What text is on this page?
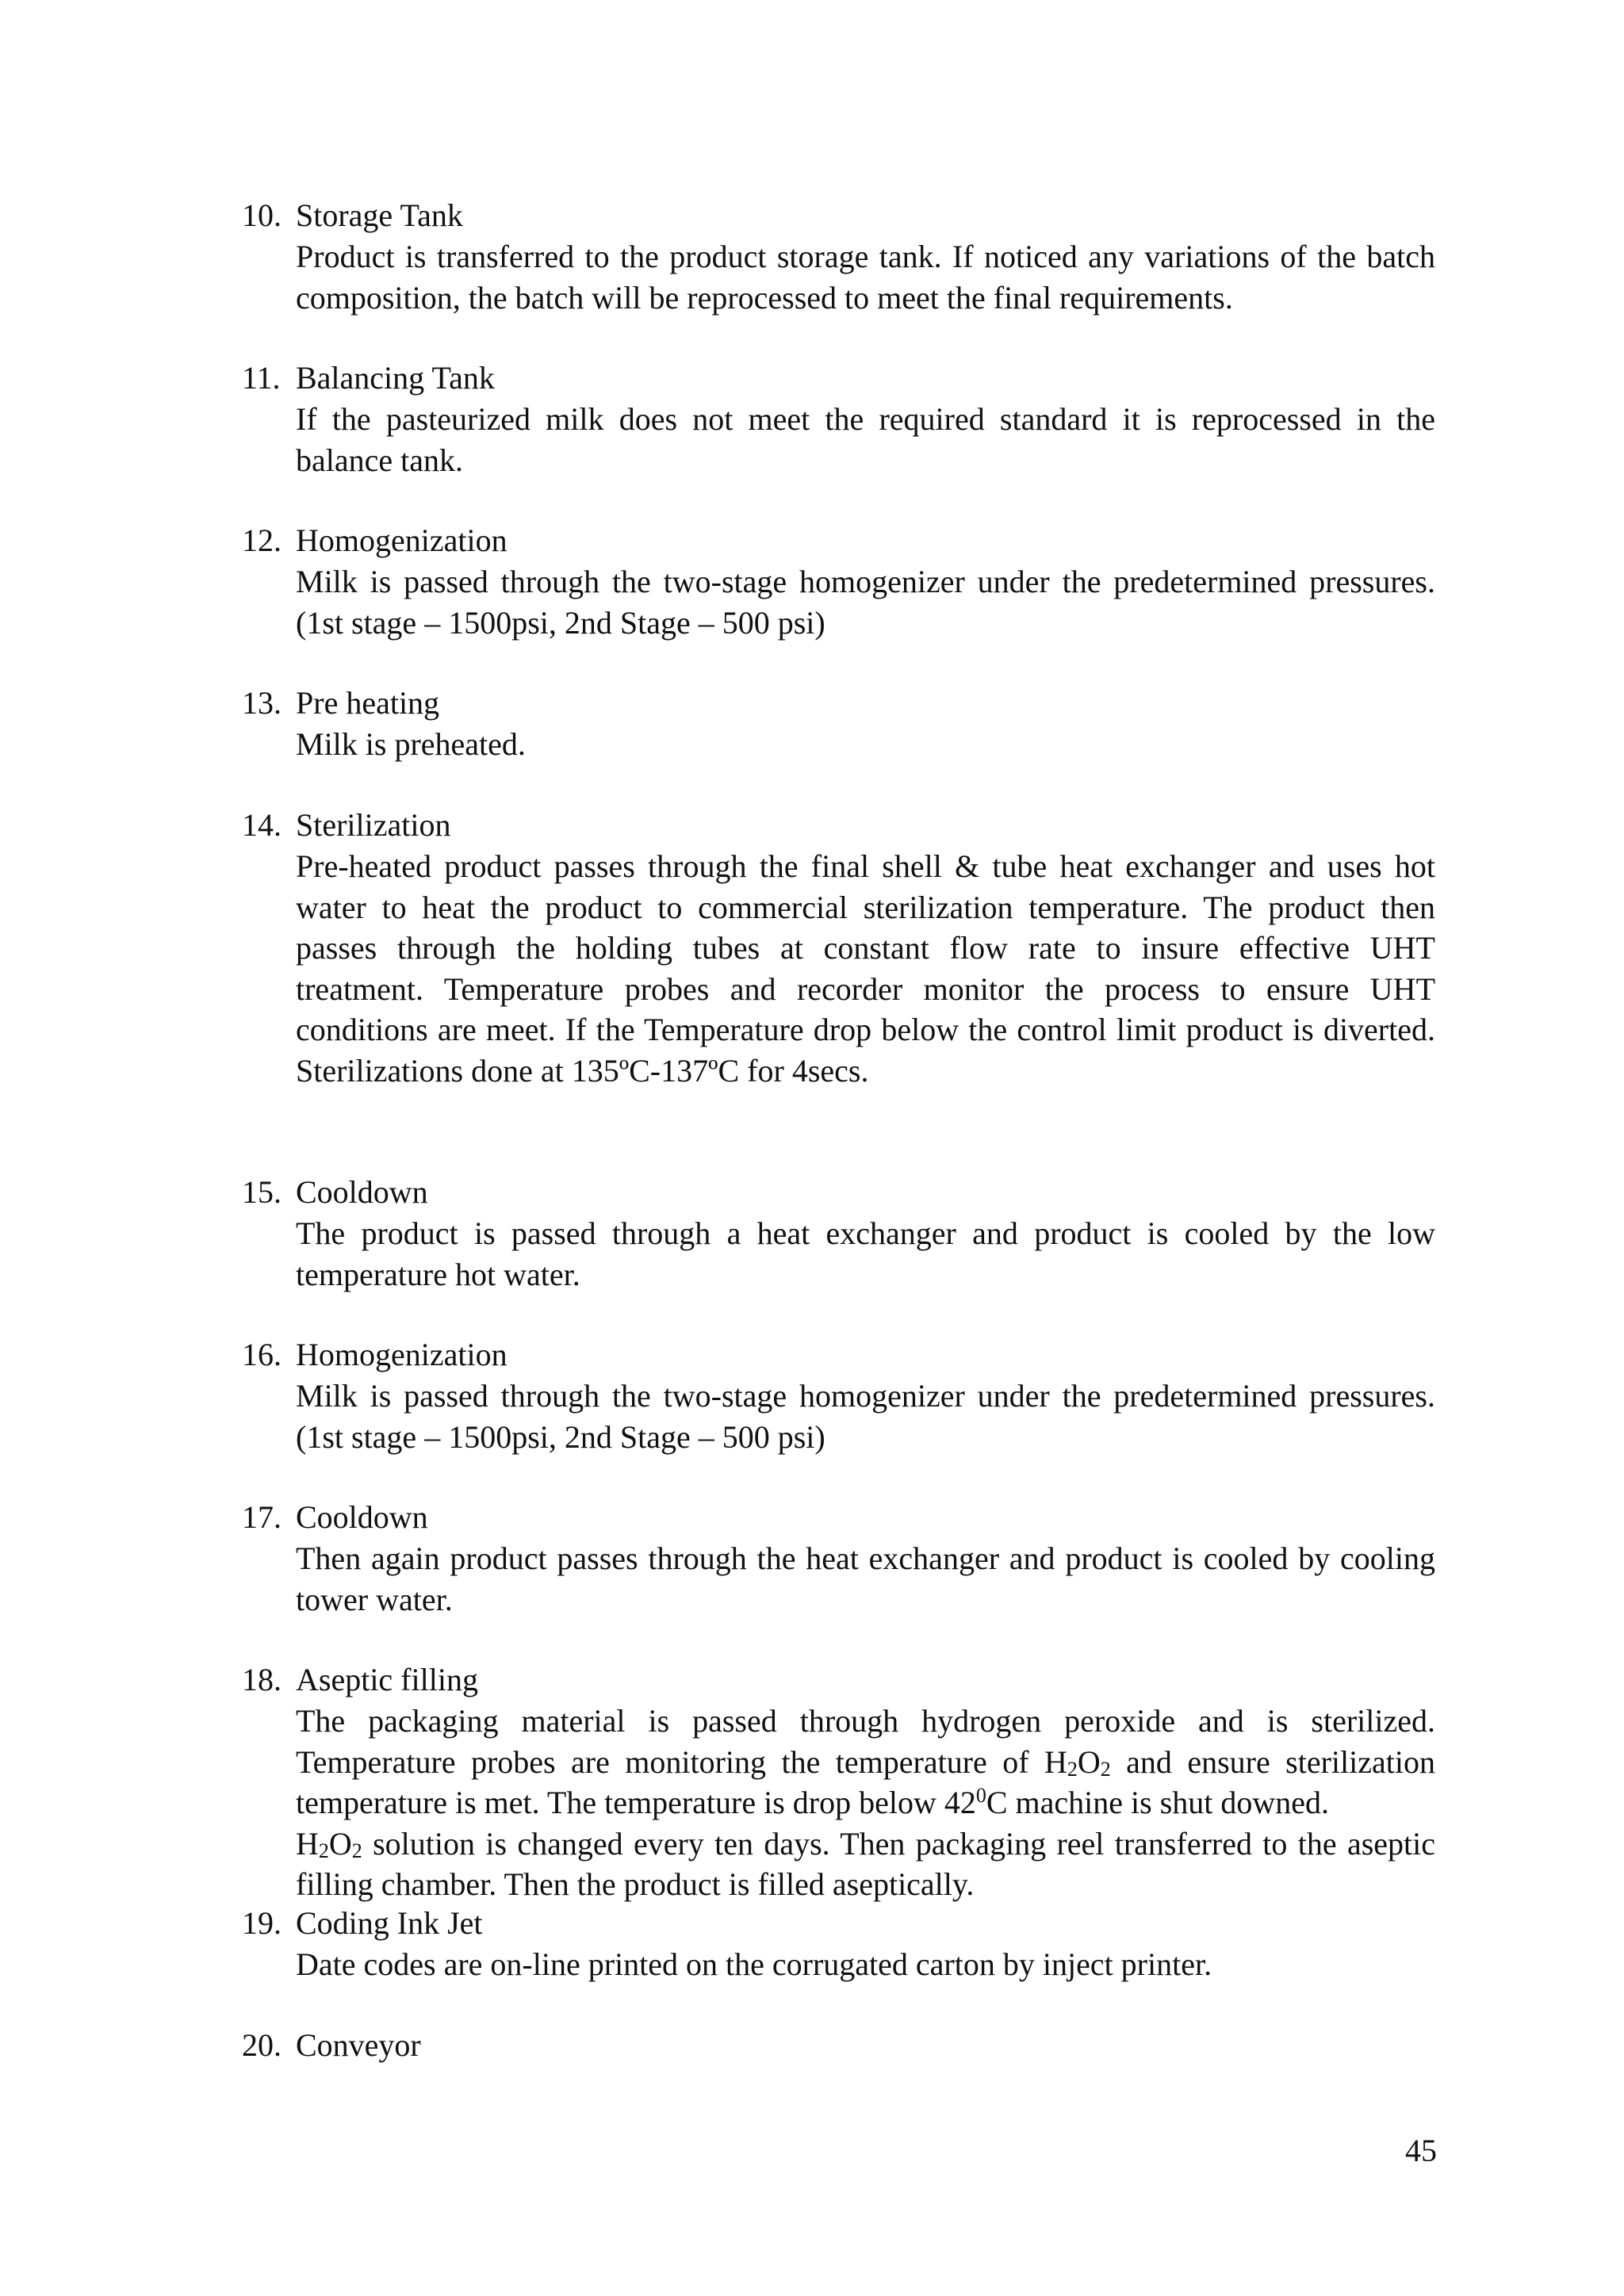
10. Storage Tank
Product is transferred to the product storage tank. If noticed any variations of the batch
composition, the batch will be reprocessed to meet the final requirements.
11. Balancing Tank
If the pasteurized milk does not meet the required standard it is reprocessed in the
balance tank.
12. Homogenization
Milk is passed through the two-stage homogenizer under the predetermined pressures.
(1st stage – 1500psi, 2nd Stage – 500 psi)
13. Pre heating
Milk is preheated.
14. Sterilization
Pre-heated product passes through the final shell & tube heat exchanger and uses hot
water to heat the product to commercial sterilization temperature. The product then
passes through the holding tubes at constant flow rate to insure effective UHT
treatment. Temperature probes and recorder monitor the process to ensure UHT
conditions are meet. If the Temperature drop below the control limit product is diverted.
Sterilizations done at 135ºC-137ºC for 4secs.
15. Cooldown
The product is passed through a heat exchanger and product is cooled by the low
temperature hot water.
16. Homogenization
Milk is passed through the two-stage homogenizer under the predetermined pressures.
(1st stage – 1500psi, 2nd Stage – 500 psi)
17. Cooldown
Then again product passes through the heat exchanger and product is cooled by cooling
tower water.
18. Aseptic filling
The packaging material is passed through hydrogen peroxide and is sterilized.
Temperature probes are monitoring the temperature of $H_2O_2$ and ensure sterilization
temperature is met. The temperature is drop below $42^0C$ machine is shut downed.
$H_2O_2$ solution is changed every ten days. Then packaging reel transferred to the aseptic
filling chamber. Then the product is filled aseptically.
19. Coding Ink Jet
Date codes are on-line printed on the corrugated carton by inject printer.
20. Conveyor
45
